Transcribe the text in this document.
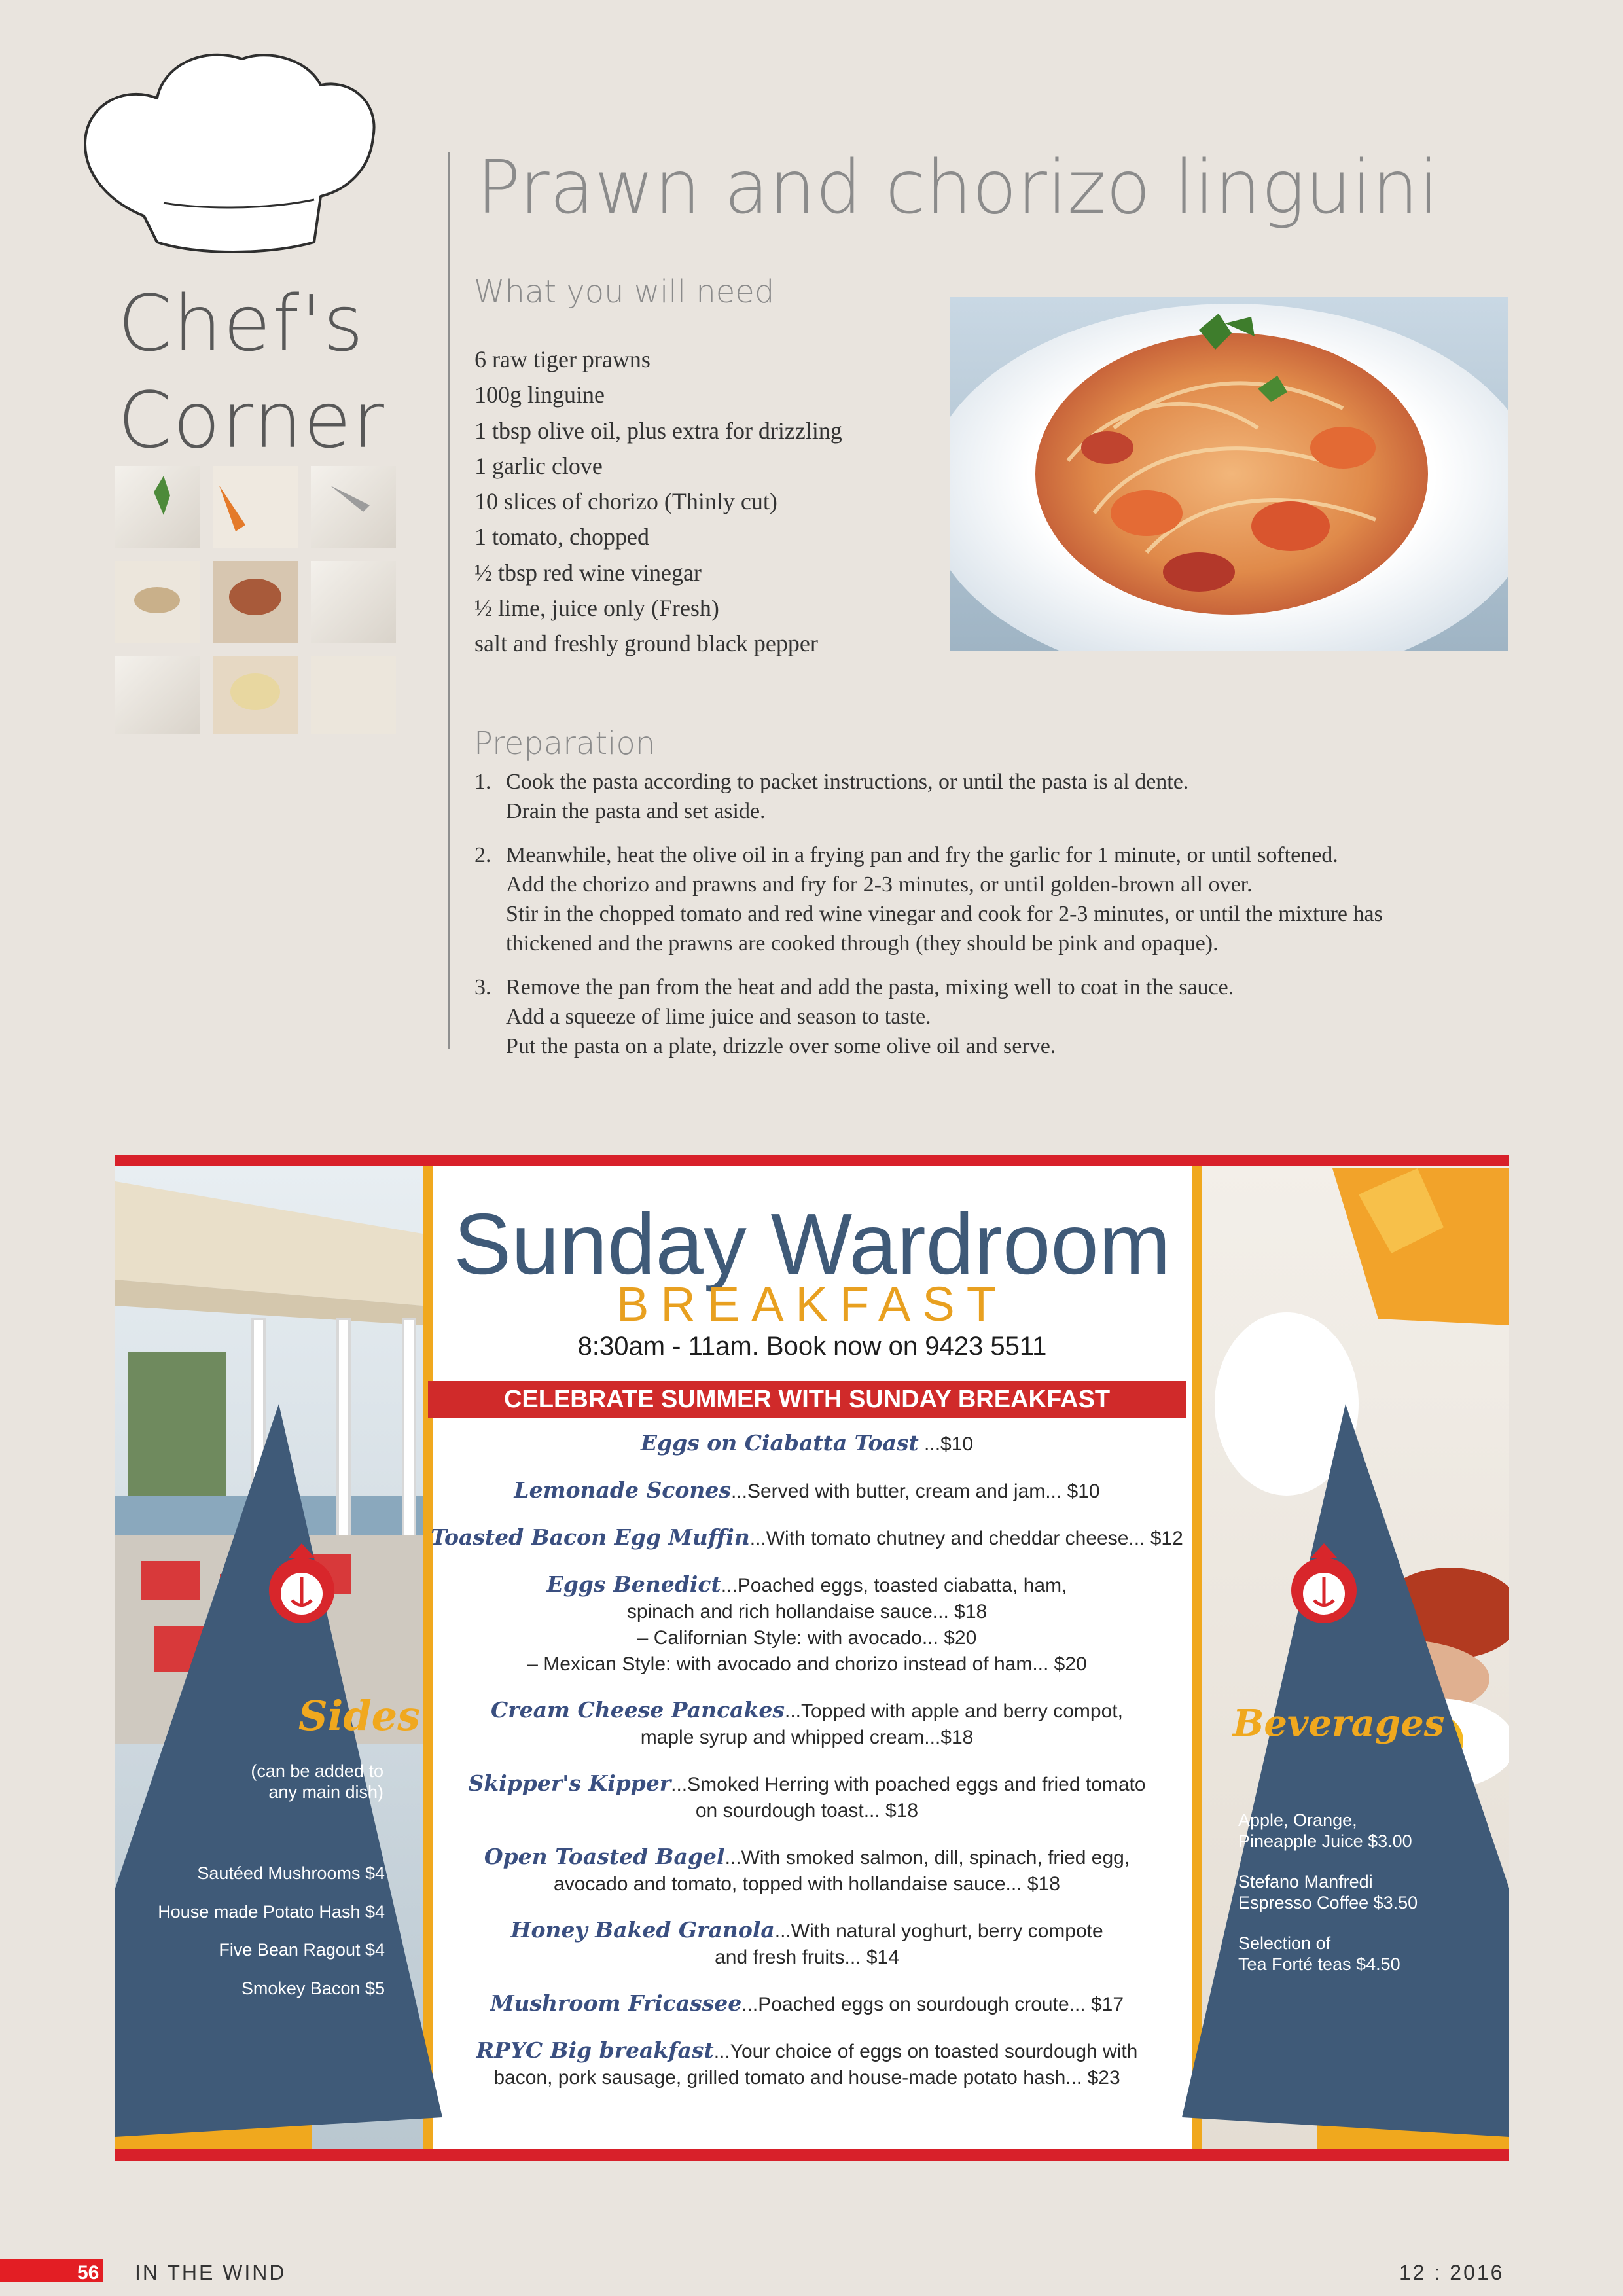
Chef's
Corner
Prawn and chorizo linguini
What you will need
6 raw tiger prawns
100g linguine
1 tbsp olive oil, plus extra for drizzling
1 garlic clove
10 slices of chorizo (Thinly cut)
1 tomato, chopped
½ tbsp red wine vinegar
½ lime, juice only (Fresh)
salt and freshly ground black pepper
Preparation
1. Cook the pasta according to packet instructions, or until the pasta is al dente.
Drain the pasta and set aside.
2. Meanwhile, heat the olive oil in a frying pan and fry the garlic for 1 minute, or until softened.
Add the chorizo and prawns and fry for 2-3 minutes, or until golden-brown all over.
Stir in the chopped tomato and red wine vinegar and cook for 2-3 minutes, or until the mixture has
thickened and the prawns are cooked through (they should be pink and opaque).
3. Remove the pan from the heat and add the pasta, mixing well to coat in the sauce.
Add a squeeze of lime juice and season to taste.
Put the pasta on a plate, drizzle over some olive oil and serve.
Sunday Wardroom
BREAKFAST
8:30am - 11am. Book now on 9423 5511
CELEBRATE SUMMER WITH SUNDAY BREAKFAST
Eggs on Ciabatta Toast ...$10
Lemonade Scones...Served with butter, cream and jam... $10
Toasted Bacon Egg Muffin...With tomato chutney and cheddar cheese... $12
Eggs Benedict...Poached eggs, toasted ciabatta, ham,
spinach and rich hollandaise sauce... $18
– Californian Style: with avocado... $20
– Mexican Style: with avocado and chorizo instead of ham... $20
Cream Cheese Pancakes...Topped with apple and berry compot,
maple syrup and whipped cream...$18
Skipper's Kipper...Smoked Herring with poached eggs and fried tomato
on sourdough toast... $18
Open Toasted Bagel...With smoked salmon, dill, spinach, fried egg,
avocado and tomato, topped with hollandaise sauce... $18
Honey Baked Granola...With natural yoghurt, berry compote
and fresh fruits... $14
Mushroom Fricassee...Poached eggs on sourdough croute... $17
RPYC Big breakfast...Your choice of eggs on toasted sourdough with
bacon, pork sausage, grilled tomato and house-made potato hash... $23
Sides
(can be added to any main dish)
Sautéed Mushrooms $4
House made Potato Hash $4
Five Bean Ragout $4
Smokey Bacon $5
Beverages
Apple, Orange,
Pineapple Juice $3.00
Stefano Manfredi
Espresso Coffee $3.50
Selection of
Tea Forté teas $4.50
56 IN THE WIND	12 : 2016
